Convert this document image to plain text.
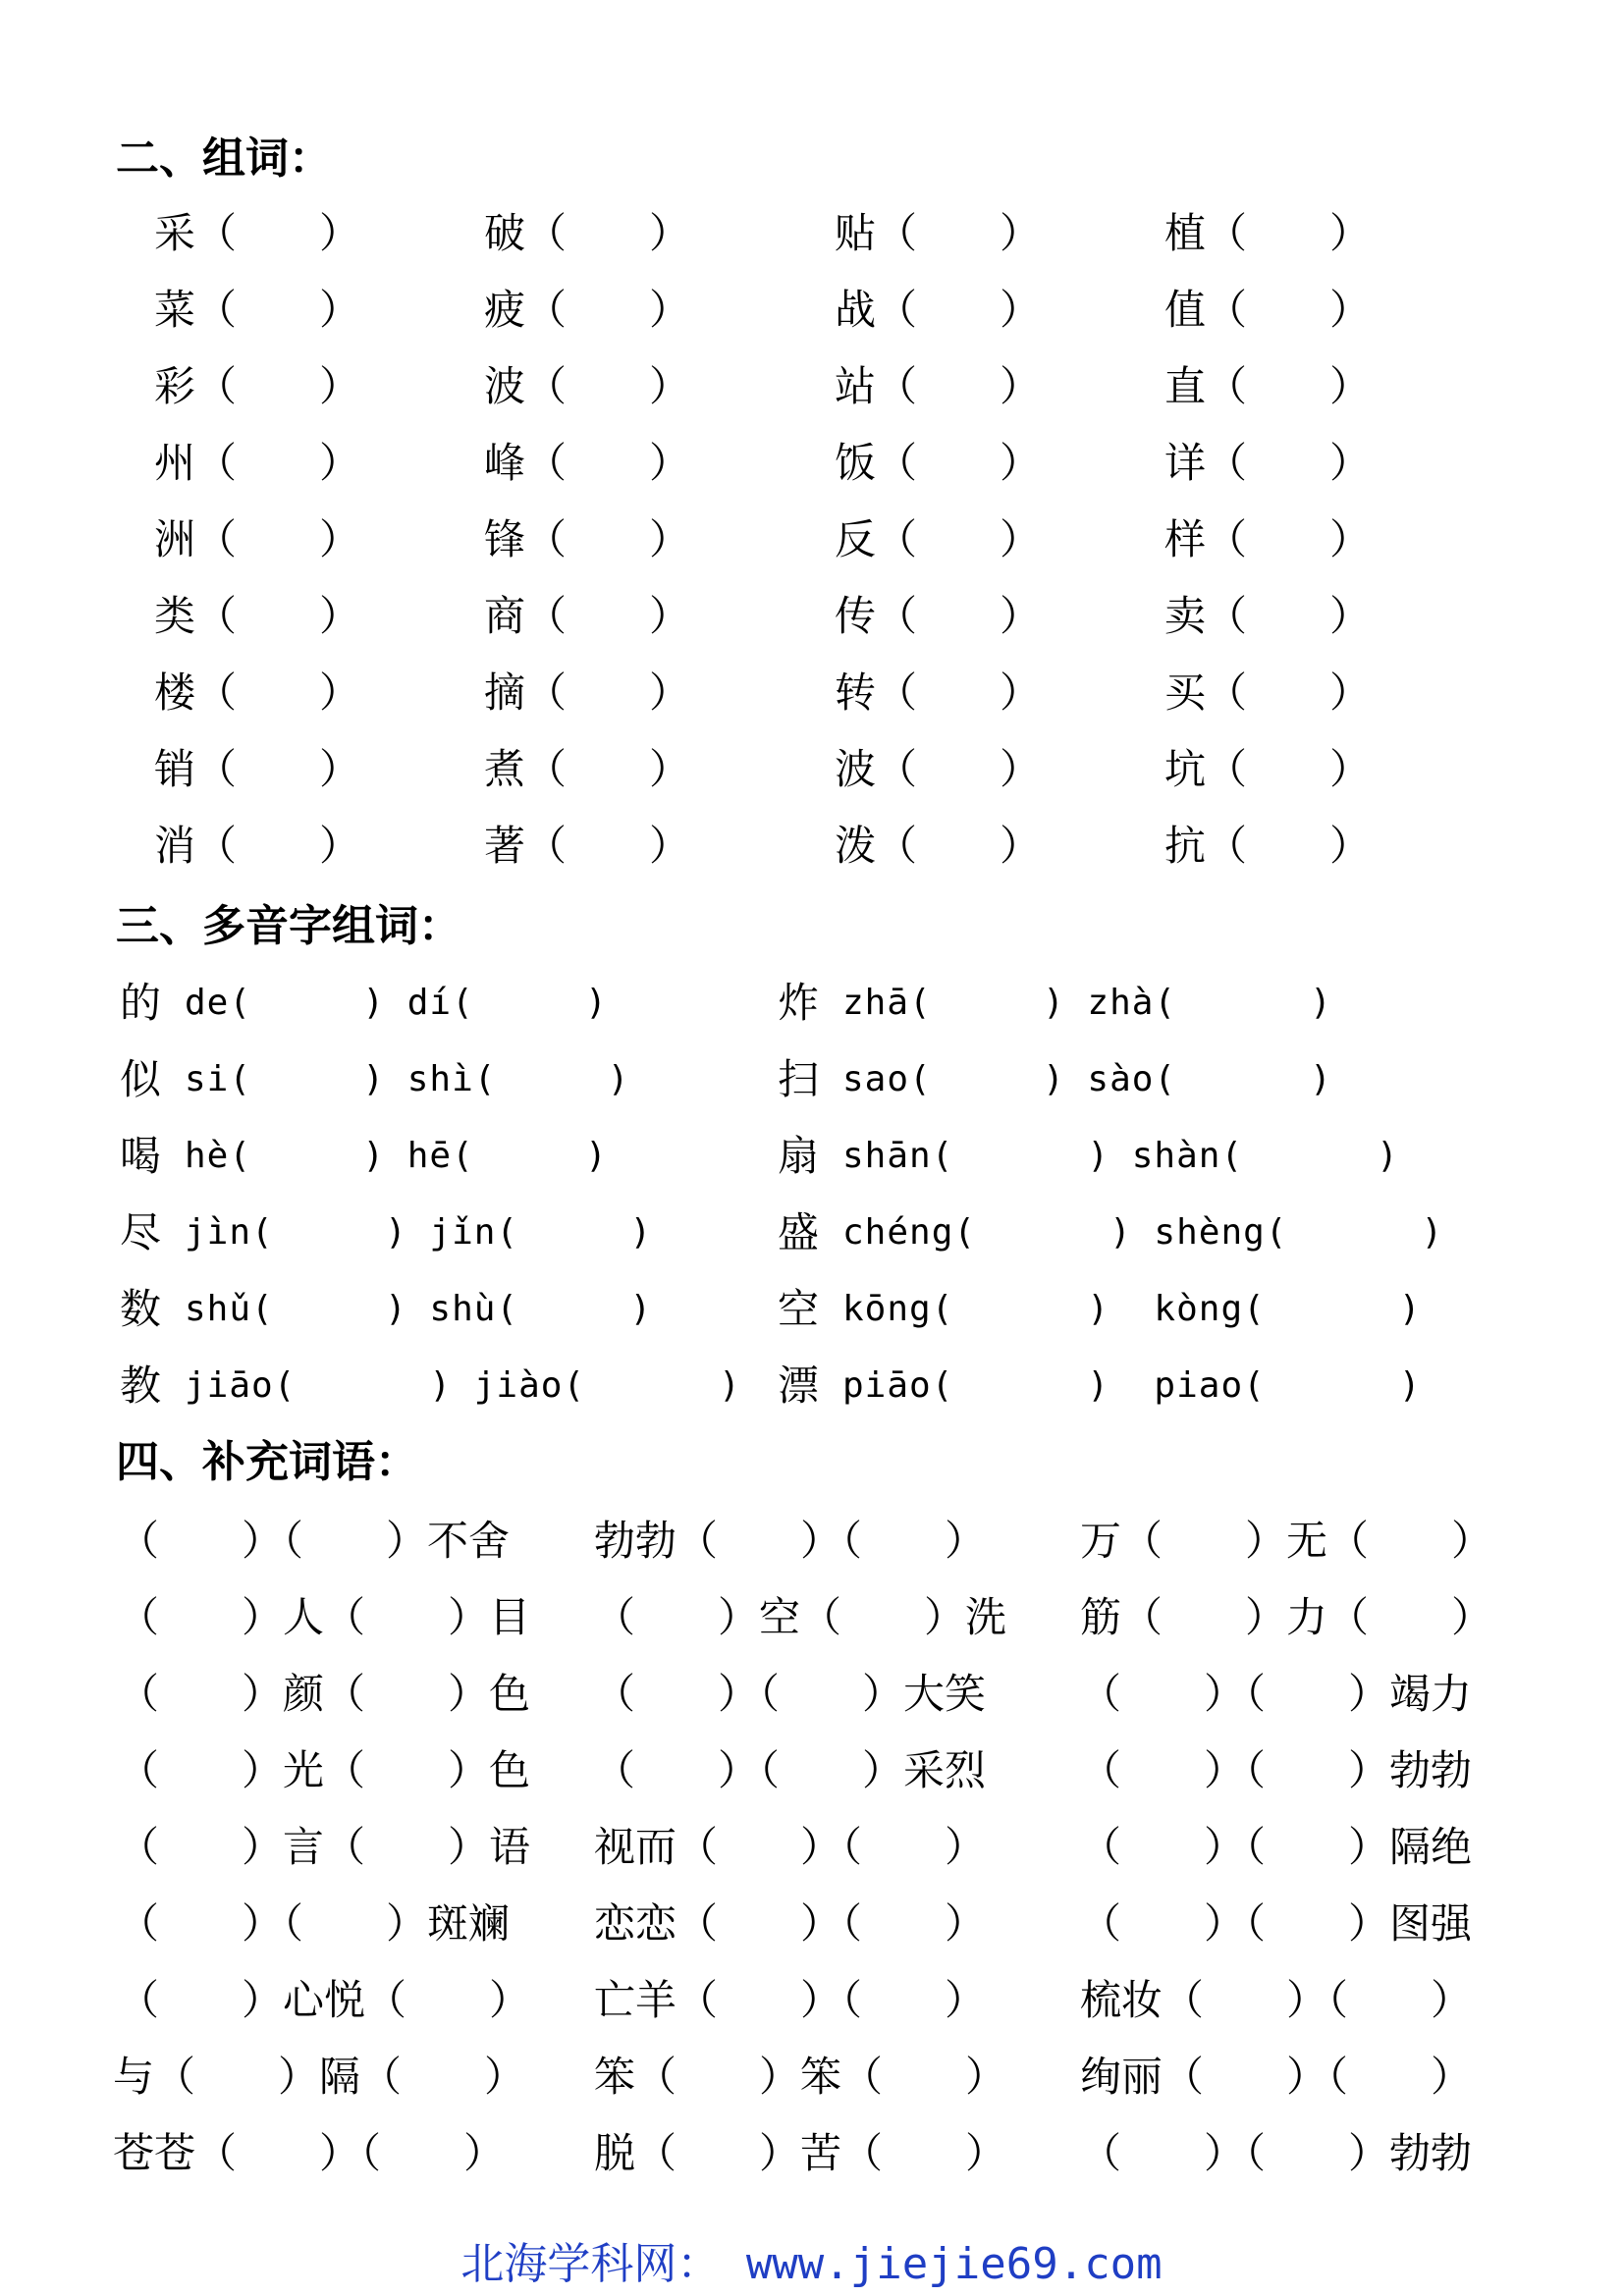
二、组词：
采（　　）	破（　　）	贴（　　）	植（　　）
菜（　　）	疲（　　）	战（　　）	值（　　）
彩（　　）	波（　　）	站（　　）	直（　　）
州（　　）	峰（　　）	饭（　　）	详（　　）
洲（　　）	锋（　　）	反（　　）	样（　　）
类（　　）	商（　　）	传（　　）	卖（　　）
楼（　　）	摘（　　）	转（　　）	买（　　）
销（　　）	煮（　　）	波（　　）	坑（　　）
消（　　）	著（　　）	泼（　　）	抗（　　）
三、多音字组词：
的 de(     ) dí(     )	炸 zhā(     ) zhà(      )
似 si(     ) shì(     )	扫 sao(     ) sào(      )
喝 hè(     ) hē(     )	扇 shān(      ) shàn(      )
尽 jìn(     ) jǐn(     )	盛 chéng(      ) shèng(      )
数 shǔ(     ) shù(     )	空 kōng(      )  kòng(      )
教 jiāo(      ) jiào(      ) 漂 piāo(      )  piao(      )
四、补充词语：
（　　）（　　）不舍 勃勃（　　）（　　） 万（　　）无（　　）
（　　）人（　　）目 （　　）空（　　）洗 筋（　　）力（　　）
（　　）颜（　　）色 （　　）（　　）大笑 （　　）（　　）竭力
（　　）光（　　）色 （　　）（　　）采烈 （　　）（　　）勃勃
（　　）言（　　）语 视而（　　）（　　） （　　）（　　）隔绝
（　　）（　　）斑斓 恋恋（　　）（　　） （　　）（　　）图强
（　　）心悦（　　） 亡羊（　　）（　　） 梳妆（　　）（　　）
与（　　）隔（　　） 笨（　　）笨（　　） 绚丽（　　）（　　）
苍苍（　　）（　　） 脱（　　）苦（　　） （　　）（　　）勃勃
北海学科网： www.jiejie69.com
